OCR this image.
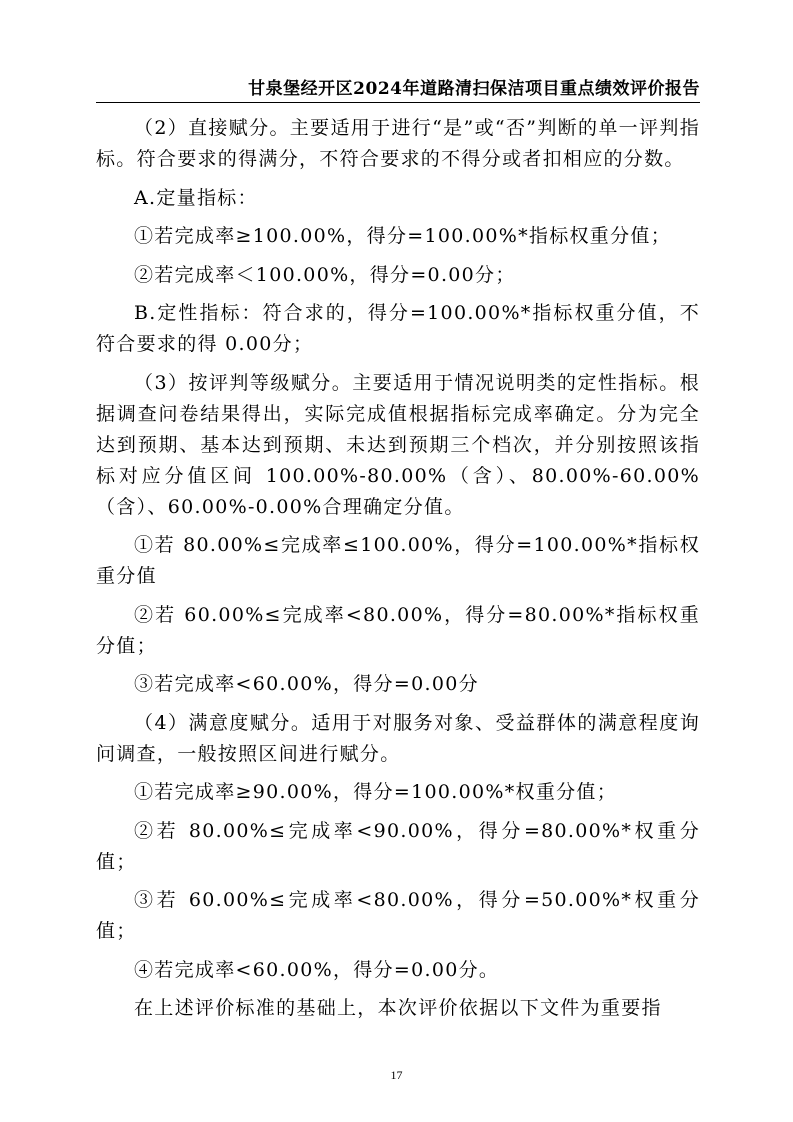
甘泉堡经开区2024年道路清扫保洁项目重点绩效评价报告

（2）直接赋分。主要适用于进行“是”或“否”判断的单一评判指标。符合要求的得满分，不符合要求的不得分或者扣相应的分数。

A.定量指标：

①若完成率≥100.00%，得分=100.00%*指标权重分值；

②若完成率＜100.00%，得分=0.00分；

B.定性指标：符合求的，得分=100.00%*指标权重分值，不符合要求的得 0.00分；

（3）按评判等级赋分。主要适用于情况说明类的定性指标。根据调查问卷结果得出，实际完成值根据指标完成率确定。分为完全达到预期、基本达到预期、未达到预期三个档次，并分别按照该指标对应分值区间 100.00%-80.00%（含）、80.00%-60.00%（含）、60.00%-0.00%合理确定分值。

①若 80.00%≤完成率≤100.00%，得分=100.00%*指标权重分值

②若 60.00%≤完成率<80.00%，得分=80.00%*指标权重分值；

③若完成率<60.00%，得分=0.00分

（4）满意度赋分。适用于对服务对象、受益群体的满意程度询问调查，一般按照区间进行赋分。

①若完成率≥90.00%，得分=100.00%*权重分值；

②若 80.00%≤完成率<90.00%，得分=80.00%*权重分值；

③若 60.00%≤完成率<80.00%，得分=50.00%*权重分值；

④若完成率<60.00%，得分=0.00分。

在上述评价标准的基础上，本次评价依据以下文件为重要指

17
